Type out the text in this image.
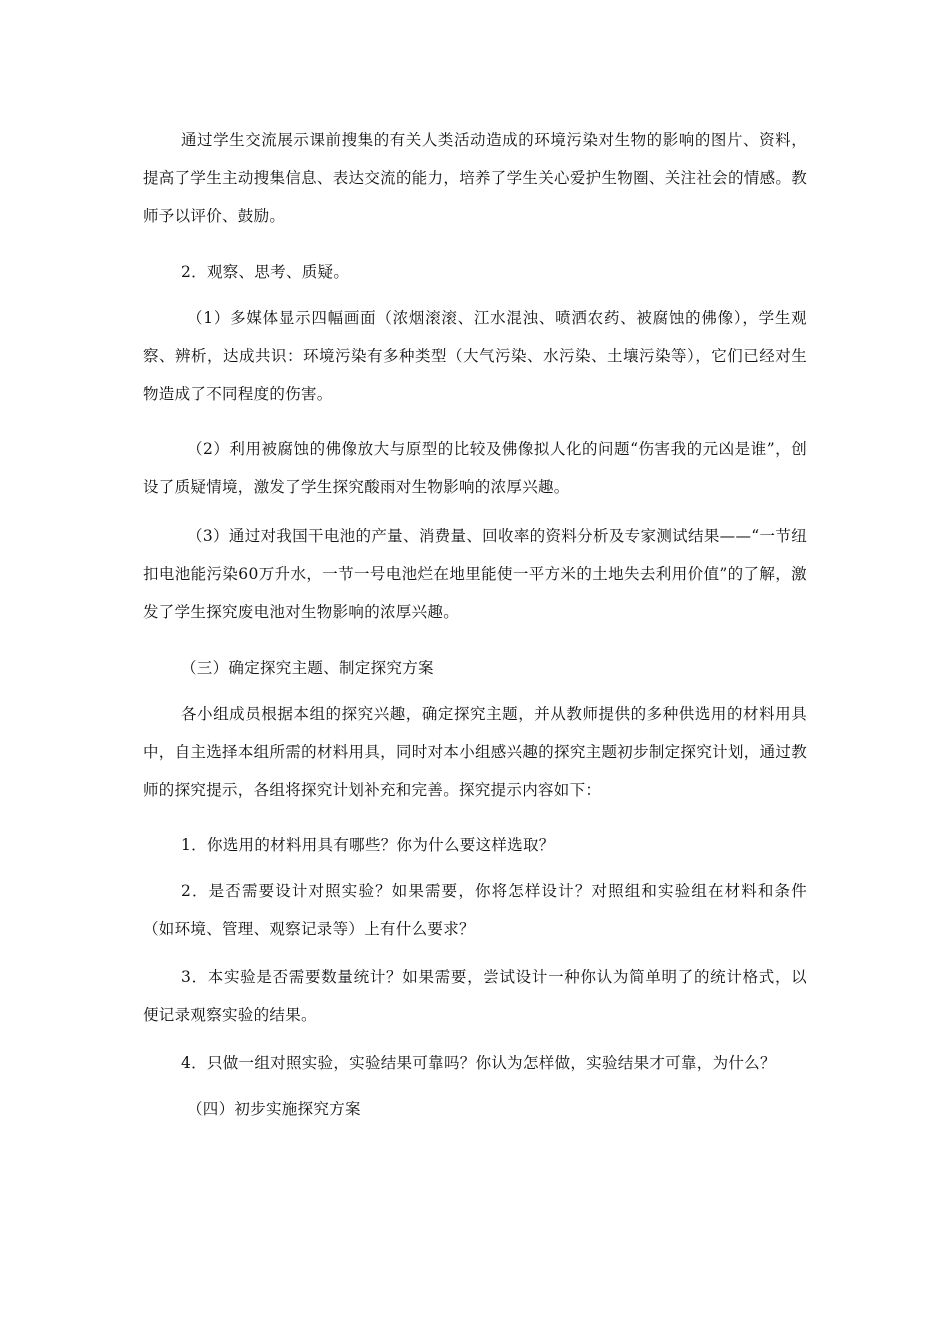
通过学生交流展示课前搜集的有关人类活动造成的环境污染对生物的影响的图片、资料，提高了学生主动搜集信息、表达交流的能力，培养了学生关心爱护生物圈、关注社会的情感。教师予以评价、鼓励。

2．观察、思考、质疑。

（1）多媒体显示四幅画面（浓烟滚滚、江水混浊、喷洒农药、被腐蚀的佛像），学生观察、辨析，达成共识：环境污染有多种类型（大气污染、水污染、土壤污染等），它们已经对生物造成了不同程度的伤害。

（2）利用被腐蚀的佛像放大与原型的比较及佛像拟人化的问题“伤害我的元凶是谁”，创设了质疑情境，激发了学生探究酸雨对生物影响的浓厚兴趣。

（3）通过对我国干电池的产量、消费量、回收率的资料分析及专家测试结果——“一节纽扣电池能污染60万升水，一节一号电池烂在地里能使一平方米的土地失去利用价值”的了解，激发了学生探究废电池对生物影响的浓厚兴趣。

（三）确定探究主题、制定探究方案

各小组成员根据本组的探究兴趣，确定探究主题，并从教师提供的多种供选用的材料用具中，自主选择本组所需的材料用具，同时对本小组感兴趣的探究主题初步制定探究计划，通过教师的探究提示，各组将探究计划补充和完善。探究提示内容如下：

1．你选用的材料用具有哪些？你为什么要这样选取？

2．是否需要设计对照实验？如果需要，你将怎样设计？对照组和实验组在材料和条件（如环境、管理、观察记录等）上有什么要求？

3．本实验是否需要数量统计？如果需要，尝试设计一种你认为简单明了的统计格式，以便记录观察实验的结果。

4．只做一组对照实验，实验结果可靠吗？你认为怎样做，实验结果才可靠，为什么？

（四）初步实施探究方案
